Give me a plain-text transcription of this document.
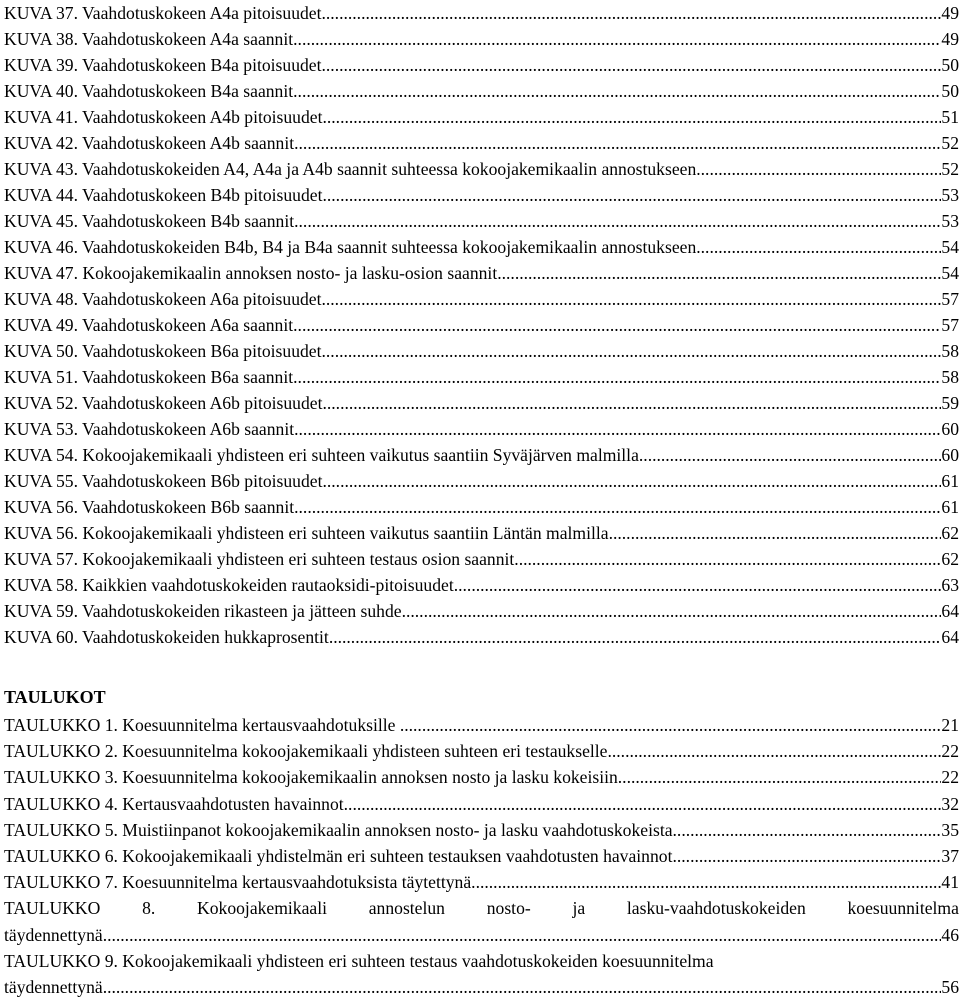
KUVA 37. Vaahdotuskokeen A4a pitoisuudet .....	49
KUVA 38. Vaahdotuskokeen A4a saannit .....	49
KUVA 39. Vaahdotuskokeen B4a pitoisuudet .....	50
KUVA 40. Vaahdotuskokeen B4a saannit .....	50
KUVA 41. Vaahdotuskokeen A4b pitoisuudet .....	51
KUVA 42. Vaahdotuskokeen A4b saannit .....	52
KUVA 43. Vaahdotuskokeiden A4, A4a ja A4b saannit suhteessa kokoojakemikaalin annostukseen .....	52
KUVA 44. Vaahdotuskokeen B4b pitoisuudet .....	53
KUVA 45. Vaahdotuskokeen B4b saannit .....	53
KUVA 46. Vaahdotuskokeiden B4b, B4 ja B4a saannit suhteessa kokoojakemikaalin annostukseen .....	54
KUVA 47. Kokoojakemikaalin annoksen nosto- ja lasku-osion saannit .....	54
KUVA 48. Vaahdotuskokeen A6a pitoisuudet .....	57
KUVA 49. Vaahdotuskokeen A6a saannit .....	57
KUVA 50. Vaahdotuskokeen B6a pitoisuudet .....	58
KUVA 51. Vaahdotuskokeen B6a saannit .....	58
KUVA 52. Vaahdotuskokeen A6b pitoisuudet .....	59
KUVA 53. Vaahdotuskokeen A6b saannit .....	60
KUVA 54. Kokoojakemikaali yhdisteen eri suhteen vaikutus saantiin Syväjärven malmilla .....	60
KUVA 55. Vaahdotuskokeen B6b pitoisuudet .....	61
KUVA 56. Vaahdotuskokeen B6b saannit .....	61
KUVA 56. Kokoojakemikaali yhdisteen eri suhteen vaikutus saantiin Läntän malmilla .....	62
KUVA 57. Kokoojakemikaali yhdisteen eri suhteen testaus osion saannit .....	62
KUVA 58. Kaikkien vaahdotuskokeiden rautaoksidi-pitoisuudet .....	63
KUVA 59. Vaahdotuskokeiden rikasteen ja jätteen suhde .....	64
KUVA 60. Vaahdotuskokeiden hukkaprosentit .....	64
TAULUKOT
TAULUKKO 1. Koesuunnitelma kertausvaahdotuksille ... .....	21
TAULUKKO 2. Koesuunnitelma kokoojakemikaali yhdisteen suhteen eri testaukselle .....	22
TAULUKKO 3. Koesuunnitelma kokoojakemikaalin annoksen nosto ja lasku kokeisiin .....	22
TAULUKKO 4. Kertausvaahdotusten havainnot .....	32
TAULUKKO 5. Muistiinpanot kokoojakemikaalin annoksen nosto- ja lasku vaahdotuskokeista .....	35
TAULUKKO 6. Kokoojakemikaali yhdistelmän eri suhteen testauksen vaahdotusten havainnot .....	37
TAULUKKO 7. Koesuunnitelma kertausvaahdotuksista täytettynä .....	41
TAULUKKO 8. Kokoojakemikaali annostelun nosto- ja lasku-vaahdotuskokeiden koesuunnitelma
täydennettynä .....	46
TAULUKKO 9. Kokoojakemikaali yhdisteen eri suhteen testaus vaahdotuskokeiden koesuunnitelma
täydennettynä .....	56
